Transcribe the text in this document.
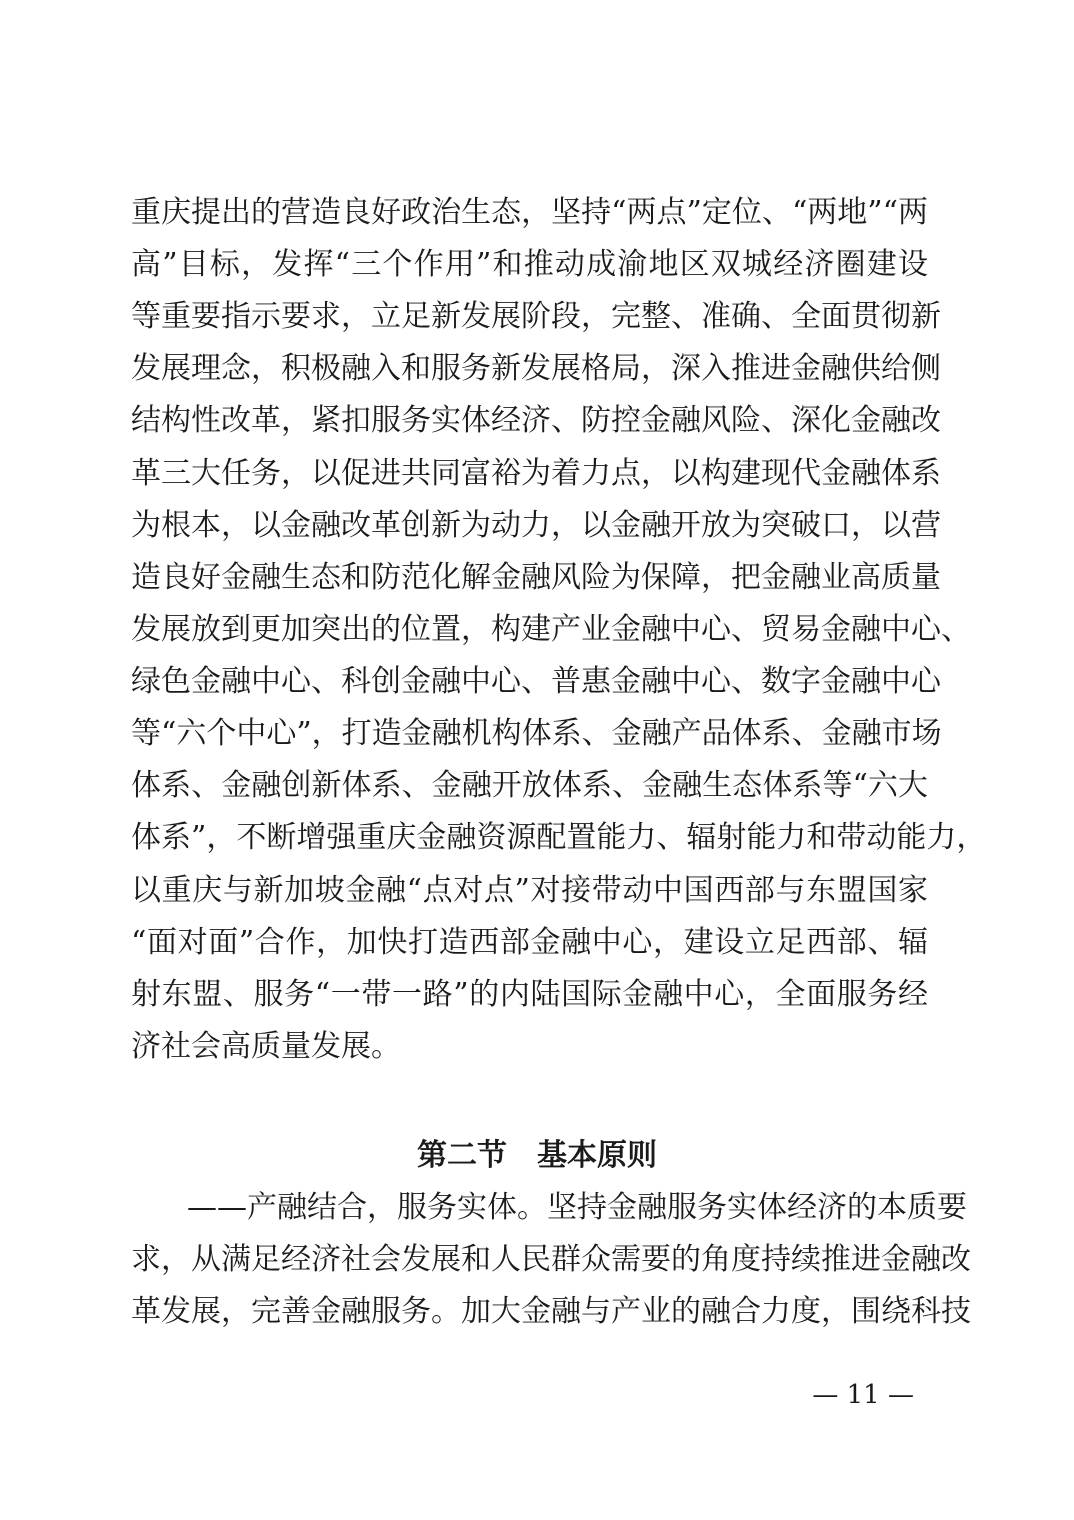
重庆提出的营造良好政治生态，坚持“两点”定位、“两地”“两
高”目标，发挥“三个作用”和推动成渝地区双城经济圈建设
等重要指示要求，立足新发展阶段，完整、准确、全面贯彻新
发展理念，积极融入和服务新发展格局，深入推进金融供给侧
结构性改革，紧扣服务实体经济、防控金融风险、深化金融改
革三大任务，以促进共同富裕为着力点，以构建现代金融体系
为根本，以金融改革创新为动力，以金融开放为突破口，以营
造良好金融生态和防范化解金融风险为保障，把金融业高质量
发展放到更加突出的位置，构建产业金融中心、贸易金融中心、
绿色金融中心、科创金融中心、普惠金融中心、数字金融中心
等“六个中心”，打造金融机构体系、金融产品体系、金融市场
体系、金融创新体系、金融开放体系、金融生态体系等“六大
体系”，不断增强重庆金融资源配置能力、辐射能力和带动能力，
以重庆与新加坡金融“点对点”对接带动中国西部与东盟国家
“面对面”合作，加快打造西部金融中心，建设立足西部、辐
射东盟、服务“一带一路”的内陆国际金融中心，全面服务经
济社会高质量发展。
第二节　基本原则
——产融结合，服务实体。坚持金融服务实体经济的本质要
求，从满足经济社会发展和人民群众需要的角度持续推进金融改
革发展，完善金融服务。加大金融与产业的融合力度，围绕科技
— 11 —
